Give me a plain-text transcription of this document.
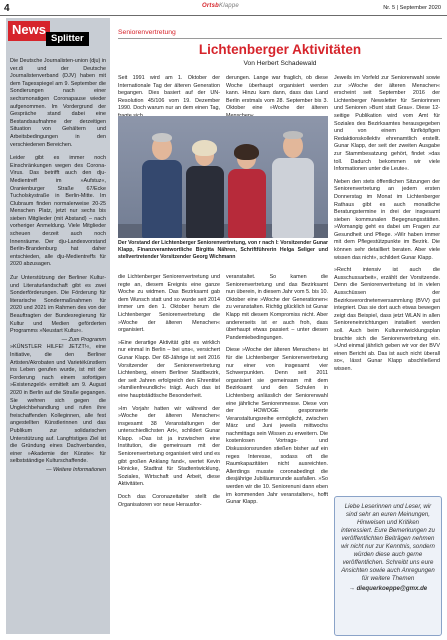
4	OrtsbKlappe	Nr. 5 | September 2020
News
Splitter

Die Deutsche Journalisten-union (dju) in ver.di und der Deutsche Journalistenverband (DJV) haben mit dem Tagesspiegel am 9. September die Sondierungen nach einer sechsmonatigen Coronapause wieder aufgenommen. Im Vordergrund der Gespräche stand dabei eine Bestandsaufnahme der derzeitigen Situation von Gehältern und Arbeitsbedingungen in den verschiedenen Bereichen.

Leider gibt es immer noch Einschränkungen wegen des Corona-Virus. Das betrifft auch den dju-Medientreff im »Aufstuz«, Oranienburger Straße 67/Ecke Tucholskystraße in Berlin-Mitte. Im Clubraum finden normalerweise 20-25 Menschen Platz, jetzt nur sechs bis sieben Mitglieder (mit Abstand) – nach vorheriger Anmeldung. Viele Mitglieder scheuen derzeit auch noch Innenräume. Der dju-Landesvorstand Berlin-Brandenburg hat daher entschieden, alle dju-Medientreffs für 2020 abzusagen.

Zur Unterstützung der Berliner Kultur- und Literaturlandschaft gibt es zwei Sonderförderungen. Die Förderung für literarische Sondermaßnahmen für 2020 und 2021 im Rahmen des von der Beauftragten der Bundesregierung für Kultur und Medien geförderten Programms »Neustart Kultur«.

— Zum Programm

»KÜNSTLER HILFE! JETZT!«, eine Initiative, die den Berliner Artisten/Akrobaten und Varietékünstlern ins Leben gerufen wurde, ist mit der Forderung nach einem sofortigen »Existenzgeld« ermittelt am 9. August 2020 in Berlin auf die Straße gegangen. Sie wehren sich gegen die Ungleichbehandlung und rufen ihre freischaffenden Kolleginnen, alle fest angestellten Künstlerinnen und das Publikum zur solidarischen Unterstützung auf. Langfristiges Ziel ist die Gründung eines Dachverbandes, einer »Akademie der Künste« für selbstständige Kulturschaffende.

— Weitere Informationen
Seniorenvertretung
Lichtenberger Aktivitäten
Von Herbert Schadewald

Seit 1991 wird am 1. Oktober der Internationale Tag der älteren Generation begangen. Dies basiert auf der UN-Resolution 45/106 vom 19. Dezember 1990. Doch warum nur an dem einen Tag,

derungen. Lange war fraglich, ob diese Woche überhaupt organisiert werden kann. Hinzu kam dann, dass das Land Berlin erstmals vom 28. September bis 3. Oktober eine »Woche der älteren

Der Vorstand der Lichtenberger Seniorenvertretung, von r nach l: Vorsitzender Gunar Klapp, Finanzverantwortliche Birgitta Nähren, Schriftführerin Helga Seliger und stellvertretender Vorsitzender Georg Wichmann

die Lichtenberger Seniorenvertretung und regte an, diesem Ereignis eine ganze Woche zu widmen. Das Bezirksamt gab dem Wunsch statt und so wurde seit 2014 immer um den 1. Oktober herum die Lichtenberger Seniorenvertretung die »Woche der älteren Menschen« organisiert.

»Eine derartige Aktivität gibt es wirklich nur einmal in Berlin – bei uns«, versichert Gunar Klapp. Der 68-Jährige ist seit 2016 Vorsitzender der Seniorenvertretung Lichtenberg, einem Berliner Stadtbezirk, der seit Jahren erfolgreich den Ehrentitel »familienfreundlich« trägt. Auch das ist eine hauptstädtische Besonderheit.

»Im Vorjahr hatten wir während der »Woche der älteren Menschen« insgesamt 38 Veranstaltungen der unterschiedlichsten Art«, schildert Gunar Klapp. »Das ist ja inzwischen eine Institution, die gemeinsam mit der Seniorenvertretung organisiert wird und es gibt großen Anklang fand«, wertet Kevin Hönicke, Stadtrat für Stadtentwicklung, Soziales, Wirtschaft und Arbeit, diese Aktivitäten.

Doch das Coronazeitalter stellt die Organisatoren vor neue Herausfor-

veranstaltet. So kamen die Seniorenvertretung und das Bezirksamt nun überein, in diesem Jahr vom 5. bis 10. Oktober eine »Woche der Generationen« zu veranstalten. Richtig glücklich ist Gunar Klapp mit diesem Kompromiss nicht. Aber andererseits ist er auch froh, dass überhaupt etwas passiert – unter diesen Pandemiebedingungen.

Diese »Woche der älteren Menschen« ist für die Lichtenberger Seniorenvertretung nur einer von insgesamt vier Schwerpunkten. Denn seit 2011 organisiert sie gemeinsam mit dem Bezirksamt und den Schulen in Lichtenberg anlässlich der Seniorenwahl eine jährliche Seniorenmesse. Diese von der HOWOGE gesponserte Veranstaltungsreihe ermöglicht, zwischen März und Juni jeweils mittwochs nachmittags sein Wissen zu erweitern. Die kostenlosen Vortrags- und Diskussionsrunden stießen bisher auf ein reges Interesse, sodass oft die Raumkapazitäten nicht ausreichten. Allerdings musste coronabedingt die diesjährige Jubiläumsrunde ausfallen. »So werden wir die 10. Seniorenuni dann eben im kommenden Jahr veranstalten«, hofft Gunar Klapp.

Jeweils im Vorfeld zur Seniorenwahl sowie zur »Woche der älteren Menschen« erscheint seit September 2016 der Lichtenberger Newsletter für Seniorinnen und Senioren »Bunt statt Grau«. Diese 12-seitige Publikation wird vom Amt für Soziales des Bezirksamtes herausgegeben und von einem fünfköpfigen Redaktionskollektiv ehrenamtlich erstellt. Gunar Klapp, der seit der zweiten Ausgabe zur Stammbesatzung gehört, findet »das toll. Dadurch bekommen wir viele Informationen unter die Leute«.

Neben den stets öffentlichen Sitzungen der Seniorenvertretung an jedem ersten Donnerstag im Monat im Lichtenberger Rathaus gibt es auch monatliche Beratungstermine in drei der insgesamt sieben kommunalen Begegnungsstätten. »Womangig geht es dabei um Fragen zur Gesundheit und Pflege. »Wir haben immer mit dem Pflegestützpunkte im Bezirk. Die können sehr detailliert beraten. Aber viele wissen das nicht«, schildert Gunar Klapp.

»Recht intensiv ist auch die Ausschussarbeit«, erzählt der Vorsitzende. Denn die Seniorenvertretung ist in vielen Ausschüssen der Bezirksverordnetenversammlung (BVV) gut integriert. Das sie dort auch etwas bewegen zeigt das Beispiel, dass jetzt WLAN in allen Senioreneinrichtungen installiert werden soll. Auch beim Kulturentwicklungsplan brachte sich die Seniorenvertretung ein. »Und einmal jährlich geben wir vor der BVV einen Bericht ab. Das ist auch nicht überall so«, lässt Gunar Klapp abschließend wissen.

Liebe Leserinnen und Leser, wir sind sehr an euren Meinungen, Hinweisen und Kritiken interessiert. Eure Bemerkungen zu veröffentlichten Beiträgen nehmen wir nicht nur zur Kenntnis, sondern würden diese auch gerne veröffentlichen. Schreibt uns eure Ansichten sowie auch Anregungen für weitere Themen
→ diequerkoeppe@gmx.de
